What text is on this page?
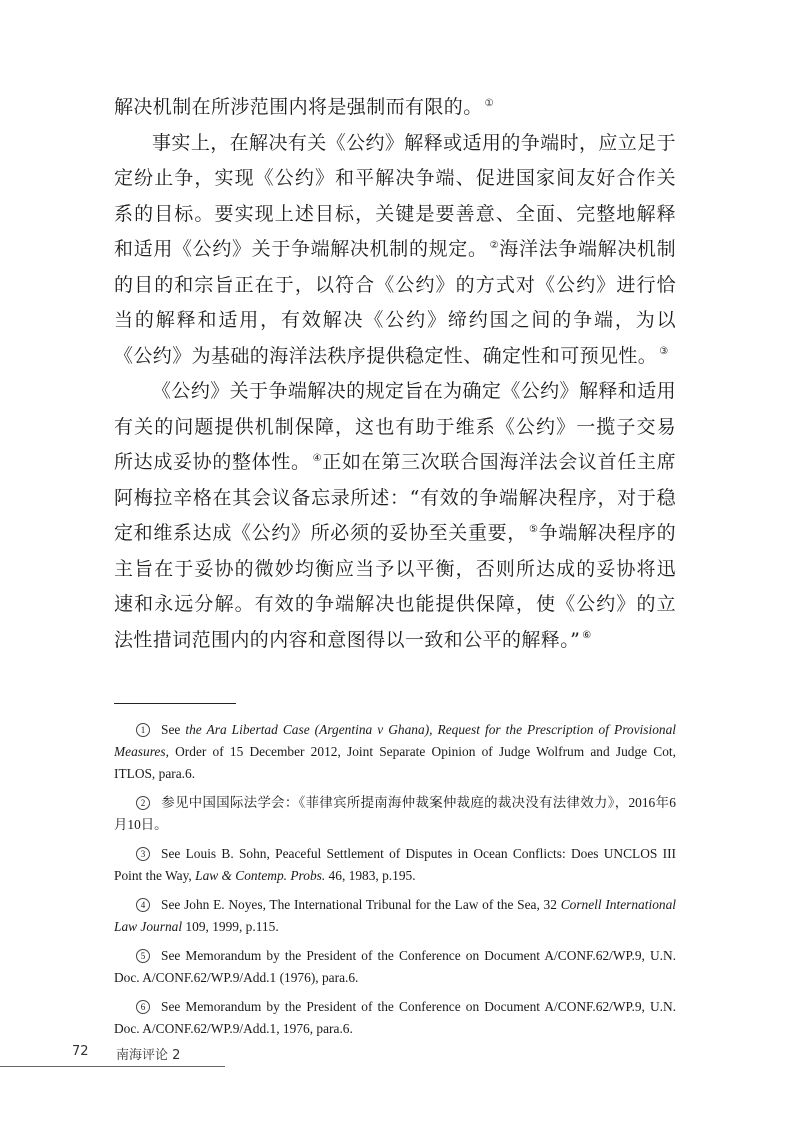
解决机制在所涉范围内将是强制而有限的。 ①

事实上，在解决有关《公约》解释或适用的争端时，应立足于定纷止争，实现《公约》和平解决争端、促进国家间友好合作关系的目标。要实现上述目标，关键是要善意、全面、完整地解释和适用《公约》关于争端解决机制的规定。 ②海洋法争端解决机制的目的和宗旨正在于，以符合《公约》的方式对《公约》进行恰当的解释和适用，有效解决《公约》缔约国之间的争端，为以《公约》为基础的海洋法秩序提供稳定性、确定性和可预见性。 ③

《公约》关于争端解决的规定旨在为确定《公约》解释和适用有关的问题提供机制保障，这也有助于维系《公约》一揽子交易所达成妥协的整体性。 ④正如在第三次联合国海洋法会议首任主席阿梅拉辛格在其会议备忘录所述：“有效的争端解决程序，对于稳定和维系达成《公约》所必须的妥协至关重要， ⑤争端解决程序的主旨在于妥协的微妙均衡应当予以平衡，否则所达成的妥协将迅速和永远分解。有效的争端解决也能提供保障，使《公约》的立法性措词范围内的内容和意图得以一致和公平的解释。” ⑥

1 See the Ara Libertad Case (Argentina v Ghana), Request for the Prescription of Provisional Measures, Order of 15 December 2012, Joint Separate Opinion of Judge Wolfrum and Judge Cot, ITLOS, para.6.

2 参见中国国际法学会：《菲律宾所提南海仲裁案仲裁庭的裁决没有法律效力》，2016年6月10日。

3 See Louis B. Sohn, Peaceful Settlement of Disputes in Ocean Conflicts: Does UNCLOS III Point the Way, Law & Contemp. Probs. 46, 1983, p.195.

4 See John E. Noyes, The International Tribunal for the Law of the Sea, 32 Cornell International Law Journal 109, 1999, p.115.

5 See Memorandum by the President of the Conference on Document A/CONF.62/WP.9, U.N. Doc. A/CONF.62/WP.9/Add.1 (1976), para.6.

6 See Memorandum by the President of the Conference on Document A/CONF.62/WP.9, U.N. Doc. A/CONF.62/WP.9/Add.1, 1976, para.6.

72 南海评论 2
